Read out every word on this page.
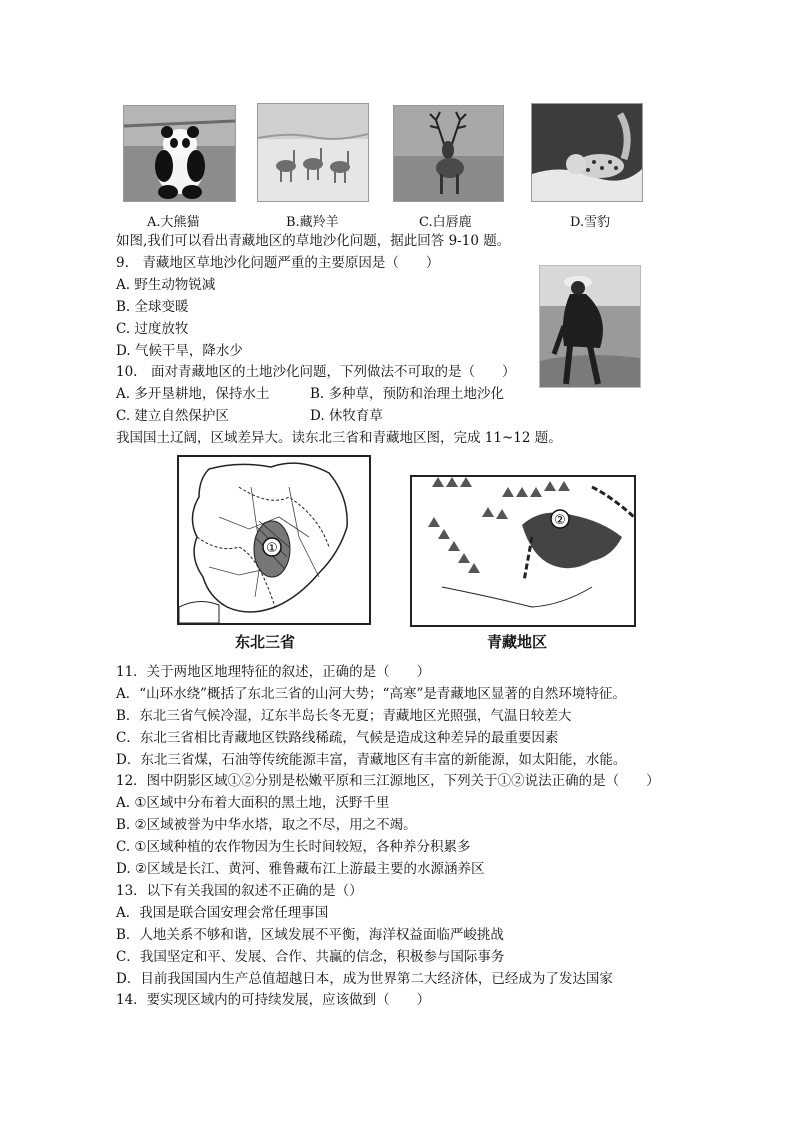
A.大熊猫	B.藏羚羊	C.白唇鹿	D.雪豹
如图,我们可以看出青藏地区的草地沙化问题，据此回答 9-10 题。
9.　青藏地区草地沙化问题严重的主要原因是（　　）
A. 野生动物锐减
B. 全球变暖
C. 过度放牧
D. 气候干旱，降水少
10.　面对青藏地区的土地沙化问题，下列做法不可取的是（　　）
A. 多开垦耕地，保持水土	B. 多种草，预防和治理土地沙化
C. 建立自然保护区	D. 休牧育草
我国国土辽阔，区域差异大。读东北三省和青藏地区图，完成 11~12 题。
①
东北三省
②
青藏地区
11．关于两地区地理特征的叙述，正确的是（　　）
A．“山环水绕”概括了东北三省的山河大势；“高寒”是青藏地区显著的自然环境特征。
B．东北三省气候冷湿，辽东半岛长冬无夏；青藏地区光照强，气温日较差大
C．东北三省相比青藏地区铁路线稀疏，气候是造成这种差异的最重要因素
D．东北三省煤，石油等传统能源丰富，青藏地区有丰富的新能源，如太阳能，水能。
12．图中阴影区域①②分别是松嫩平原和三江源地区，下列关于①②说法正确的是（　　）
A. ①区域中分布着大面积的黑土地，沃野千里
B. ②区域被誉为中华水塔，取之不尽，用之不竭。
C. ①区域种植的农作物因为生长时间较短，各种养分积累多
D. ②区域是长江、黄河、雅鲁藏布江上游最主要的水源涵养区
13．以下有关我国的叙述不正确的是（）
A．我国是联合国安理会常任理事国
B．人地关系不够和谐，区域发展不平衡，海洋权益面临严峻挑战
C．我国坚定和平、发展、合作、共赢的信念，积极参与国际事务
D．目前我国国内生产总值超越日本，成为世界第二大经济体，已经成为了发达国家
14．要实现区域内的可持续发展，应该做到（　　）
